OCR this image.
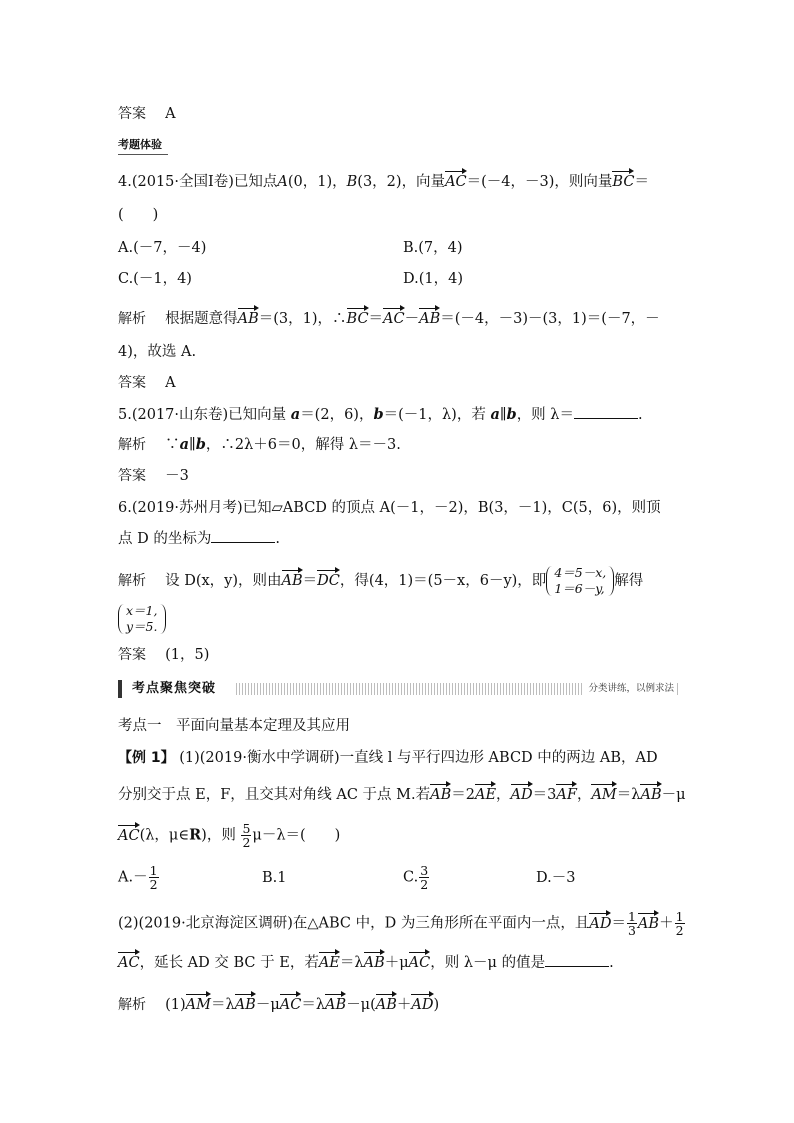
答案　 A
考题体验
4.(2015·全国Ⅰ卷)已知点A(0，1)，B(3，2)，向量AC＝(－4，－3)，则向量BC＝
(　　)
A.(－7，－4)	B.(7，4)
C.(－1，4)	D.(1，4)
解析　 根据题意得AB＝(3，1)，∴BC＝AC－AB＝(－4，－3)－(3，1)＝(－7，－
4)，故选 A.
答案　 A
5.(2017·山东卷)已知向量 a＝(2，6)，b＝(－1，λ)，若 a∥b，则 λ＝	.
解析　 ∵a∥b，∴2λ＋6＝0，解得 λ＝－3.
答案　 －3
6.(2019·苏州月考)已知▱ABCD 的顶点 A(－1，－2)，B(3，－1)，C(5，6)，则顶
点 D 的坐标为	.
解析　 设 D(x，y)，则由AB＝DC，得(4，1)＝(5－x，6－y)，即
4＝5－x,
1＝6－y, 解得
x＝1,
y＝5.
答案　 (1，5)
考点聚焦突破	分类讲练，以例求法
考点一　平面向量基本定理及其应用
【例 1】 (1)(2019·衡水中学调研)一直线 l 与平行四边形 ABCD 中的两边 AB，AD
分别交于点 E，F，且交其对角线 AC 于点 M.若AB＝2AE，AD＝3AF，AM＝λAB－μ
AC(λ，μ∈R)，则 $\frac{5}{2} \mu-\lambda=$(　　)
$A.- \frac{1}{2}$	B.1	C. $\frac{3}{2}$	D.－3
(2)(2019·北京海淀区调研)在△ABC 中，D 为三角形所在平面内一点，且$AD= \frac{1}{3} AB+ \frac{1}{2}$
AC，延长 AD 交 BC 于 E，若AE＝λAB＋μAC，则 λ－μ 的值是	.
解析　 (1)AM＝λAB－μAC＝λAB－μ(AB＋AD)
